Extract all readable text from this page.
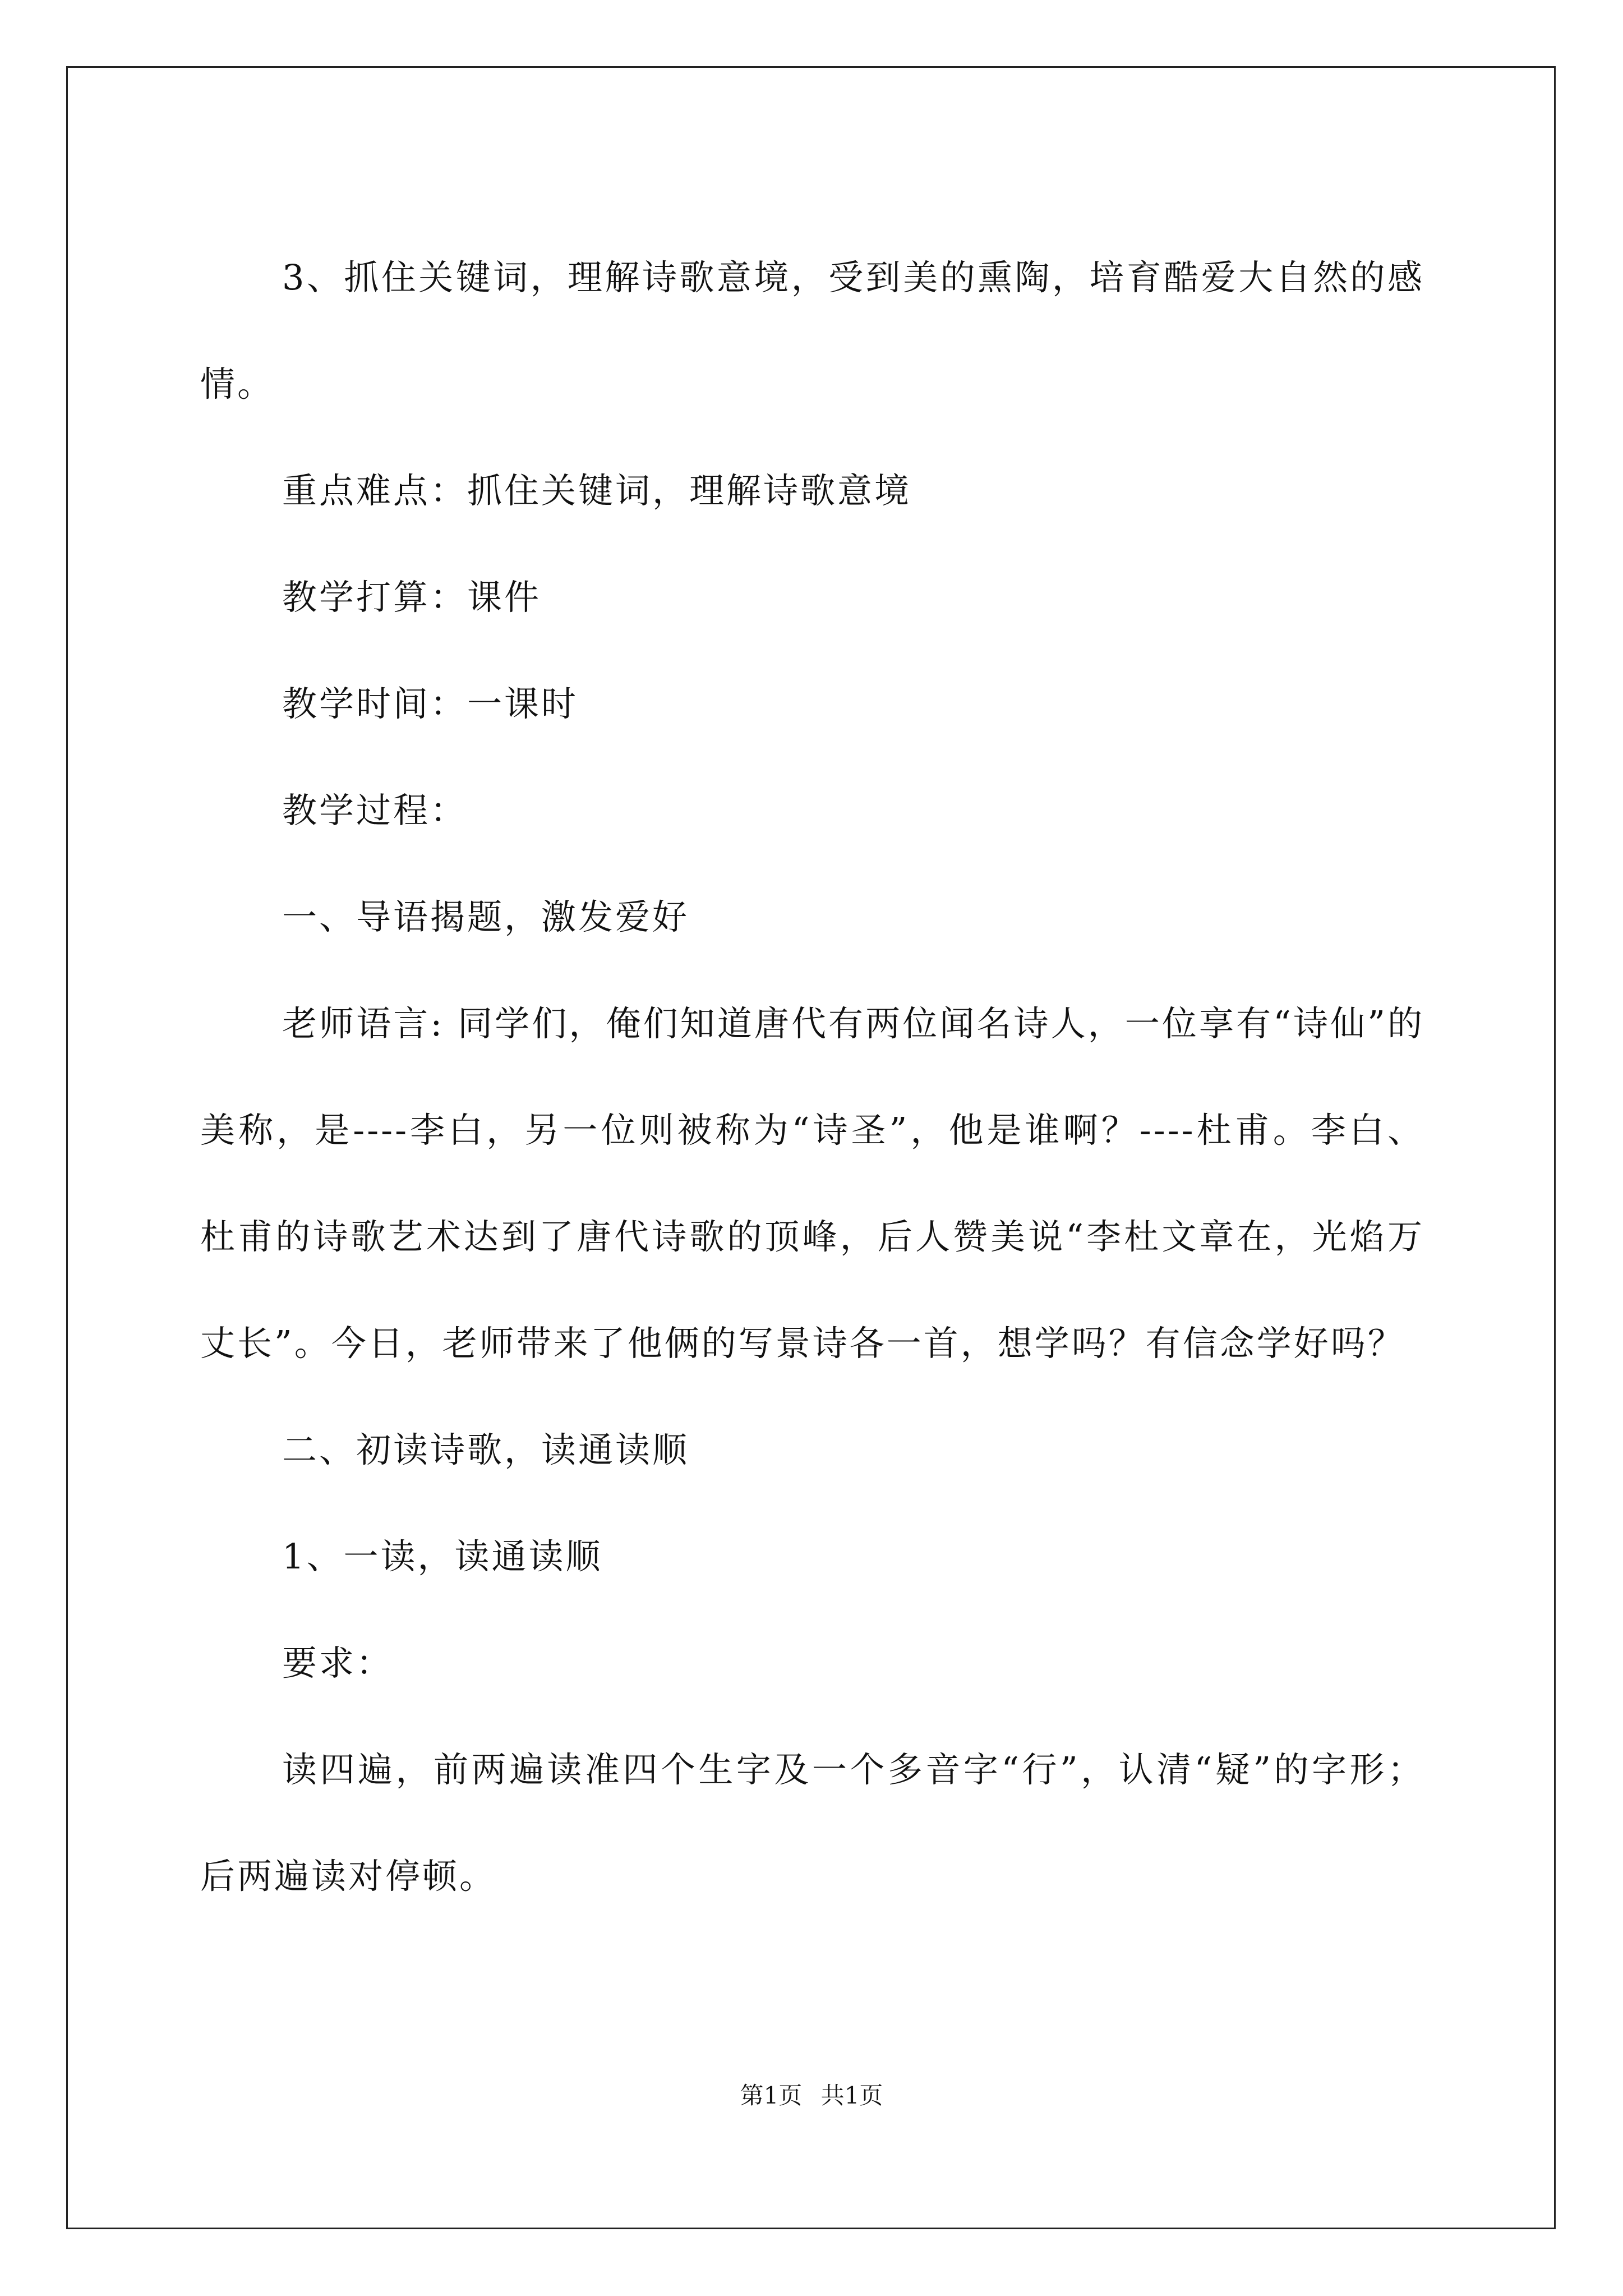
3、抓住关键词，理解诗歌意境，受到美的熏陶，培育酷爱大自然的感情。

重点难点：抓住关键词，理解诗歌意境

教学打算：课件

教学时间：一课时

教学过程：

一、导语揭题，激发爱好

老师语言: 同学们，俺们知道唐代有两位闻名诗人，一位享有“诗仙”的美称，是----李白，另一位则被称为“诗圣”，他是谁啊？----杜甫。李白、杜甫的诗歌艺术达到了唐代诗歌的顶峰，后人赞美说“李杜文章在，光焰万丈长”。今日，老师带来了他俩的写景诗各一首，想学吗？有信念学好吗？

二、初读诗歌，读通读顺

1、一读，读通读顺

要求：

读四遍，前两遍读准四个生字及一个多音字“行”，认清“疑”的字形；后两遍读对停顿。

第1页 共1页
